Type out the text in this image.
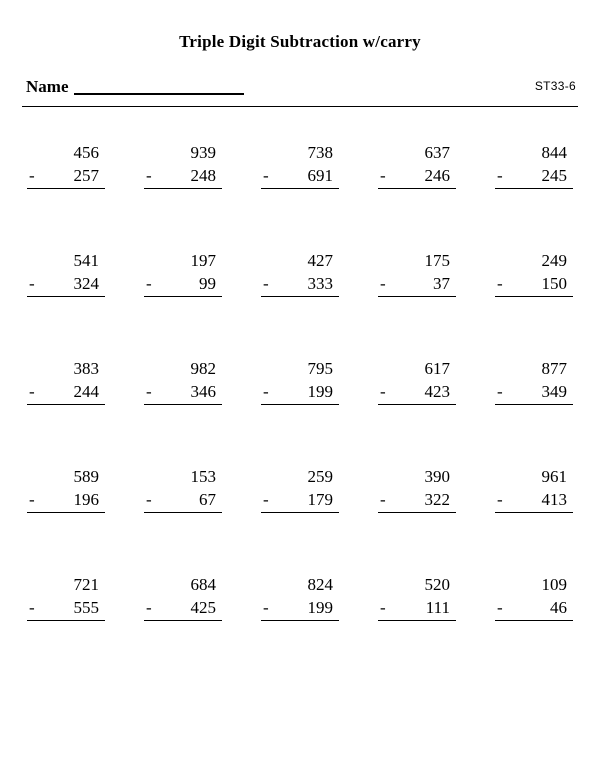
Triple Digit Subtraction w/carry
Name	ST33-6
456
-	257
939
-	248
738
-	691
637
-	246
844
-	245
541
-	324
197
-	99
427
-	333
175
-	37
249
-	150
383
-	244
982
-	346
795
-	199
617
-	423
877
-	349
589
-	196
153
-	67
259
-	179
390
-	322
961
-	413
721
-	555
684
-	425
824
-	199
520
-	111
109
-	46
